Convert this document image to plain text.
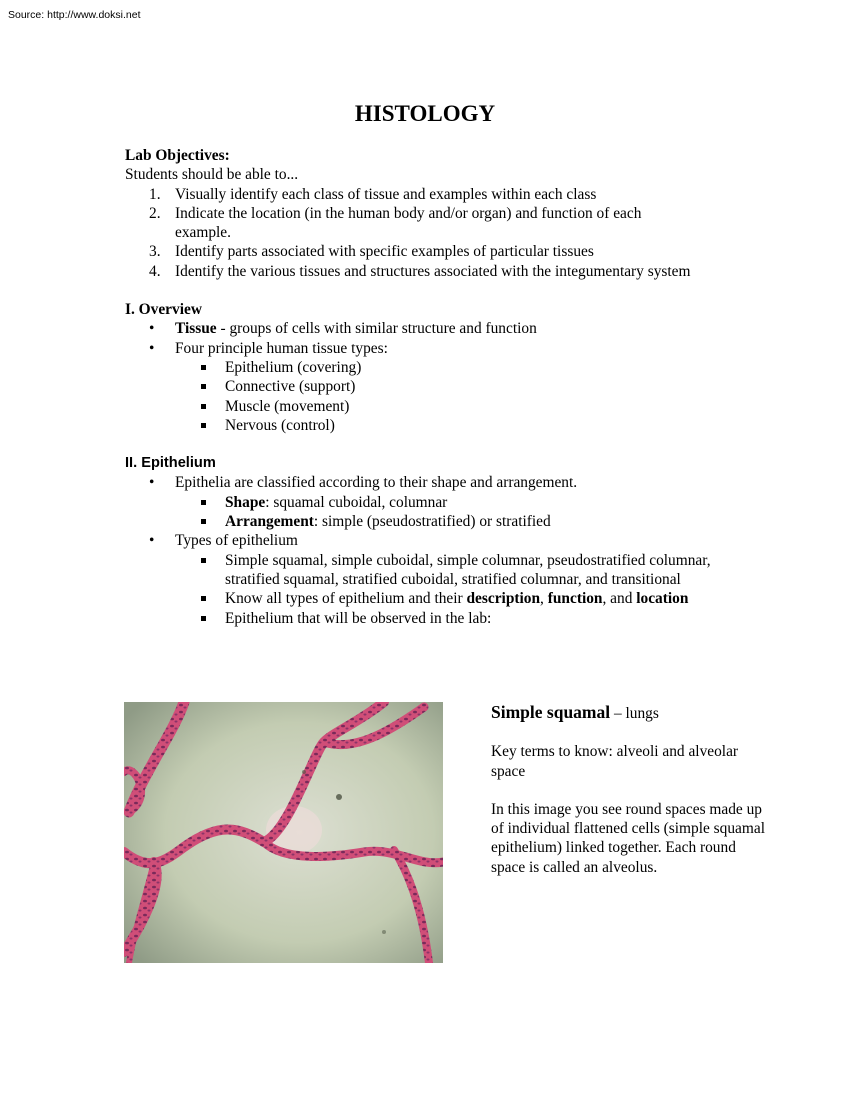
Source: http://www.doksi.net
HISTOLOGY
Lab Objectives:
Students should be able to...
1. Visually identify each class of tissue and examples within each class
2. Indicate the location (in the human body and/or organ) and function of each example.
3. Identify parts associated with specific examples of particular tissues
4. Identify the various tissues and structures associated with the integumentary system
I. Overview
• Tissue - groups of cells with similar structure and function
• Four principle human tissue types:
Epithelium (covering)
Connective (support)
Muscle (movement)
Nervous (control)
II. Epithelium
• Epithelia are classified according to their shape and arrangement.
Shape: squamal cuboidal, columnar
Arrangement: simple (pseudostratified) or stratified
• Types of epithelium
Simple squamal, simple cuboidal, simple columnar, pseudostratified columnar, stratified squamal, stratified cuboidal, stratified columnar, and transitional
Know all types of epithelium and their description, function, and location
Epithelium that will be observed in the lab:

Simple squamal – lungs

Key terms to know: alveoli and alveolar space

In this image you see round spaces made up of individual flattened cells (simple squamal epithelium) linked together. Each round space is called an alveolus.
